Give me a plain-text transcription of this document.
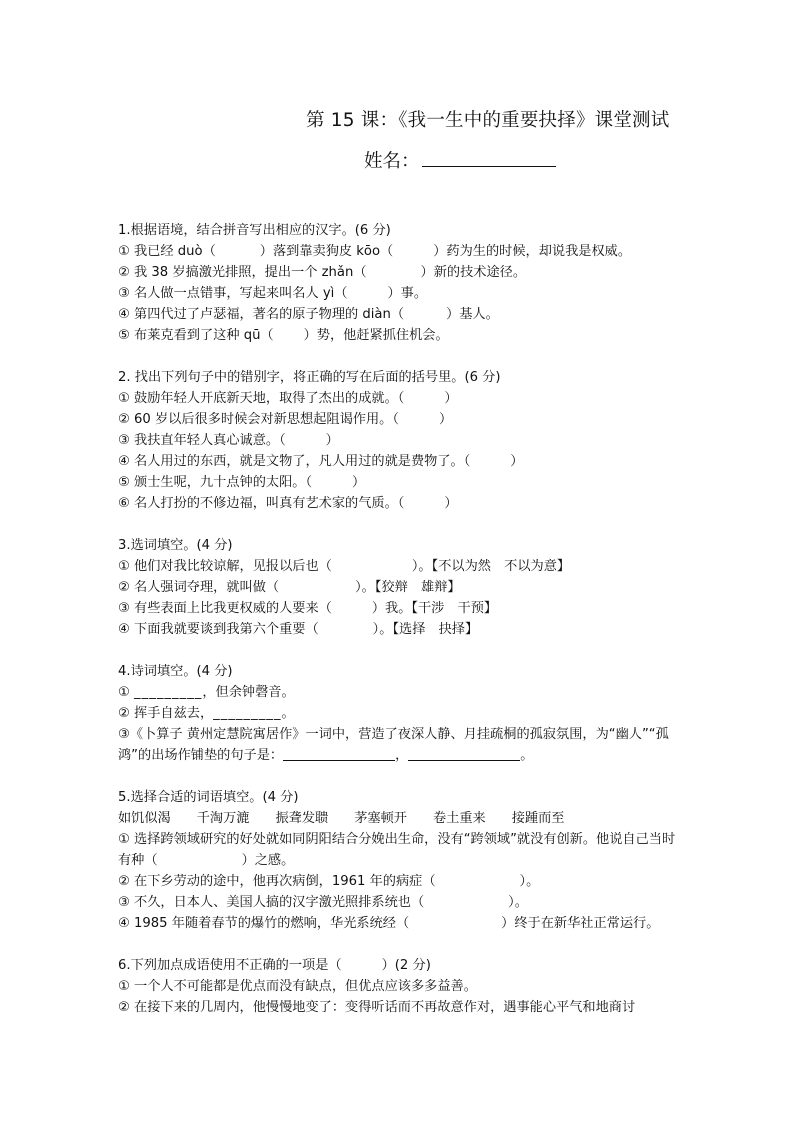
第 15 课：《我一生中的重要抉择》课堂测试
姓名：
1.根据语境，结合拼音写出相应的汉字。(6 分)
① 我已经 duò（	）落到靠卖狗皮 kōo（	）药为生的时候，却说我是权威。
② 我 38 岁搞激光排照，提出一个 zhǎn（	）新的技术途径。
③ 名人做一点错事，写起来叫名人 yì（	）事。
④ 第四代过了卢瑟福，著名的原子物理的 diàn（	）基人。
⑤ 布莱克看到了这种 qū（ ）势，他赶紧抓住机会。
2. 找出下列句子中的错别字，将正确的写在后面的括号里。(6 分)
① 鼓励年轻人开底新天地，取得了杰出的成就。（	）
② 60 岁以后很多时候会对新思想起阻谒作用。（	）
③ 我扶直年轻人真心诚意。（	）
④ 名人用过的东西，就是文物了，凡人用过的就是费物了。（	）
⑤ 颁士生呢，九十点钟的太阳。（	）
⑥ 名人打扮的不修边福，叫真有艺术家的气质。（	）
3.选词填空。(4 分)
① 他们对我比较谅解，见报以后也（	）。【不以为然　不以为意】
② 名人强词夺理，就叫做（	）。【狡辩　雄辩】
③ 有些表面上比我更权威的人要来（	）我。【干涉　干预】
④ 下面我就要谈到我第六个重要（	）。【选择　抉择】
4.诗词填空。(4 分)
① _________，但余钟磬音。
② 挥手自兹去，_________。
③《卜算子 黄州定慧院寓居作》一词中，营造了夜深人静、月挂疏桐的孤寂氛围，为“幽人”“孤鸿”的出场作铺垫的句子是：	，	。
5.选择合适的词语填空。(4 分)
如饥似渴 千淘万漉 振聋发聩 茅塞顿开 卷土重来 接踵而至
① 选择跨领域研究的好处就如同阴阳结合分娩出生命，没有“跨领域”就没有创新。他说自己当时有种（	）之感。
② 在下乡劳动的途中，他再次病倒，1961 年的病症（	）。
③ 不久，日本人、美国人搞的汉字激光照排系统也（	）。
④ 1985 年随着春节的爆竹的燃响，华光系统经（	）终于在新华社正常运行。
6.下列加点成语使用不正确的一项是（	）(2 分)
① 一个人不可能都是优点而没有缺点，但优点应该多多益善。
② 在接下来的几周内，他慢慢地变了：变得听话而不再故意作对，遇事能心平气和地商讨
